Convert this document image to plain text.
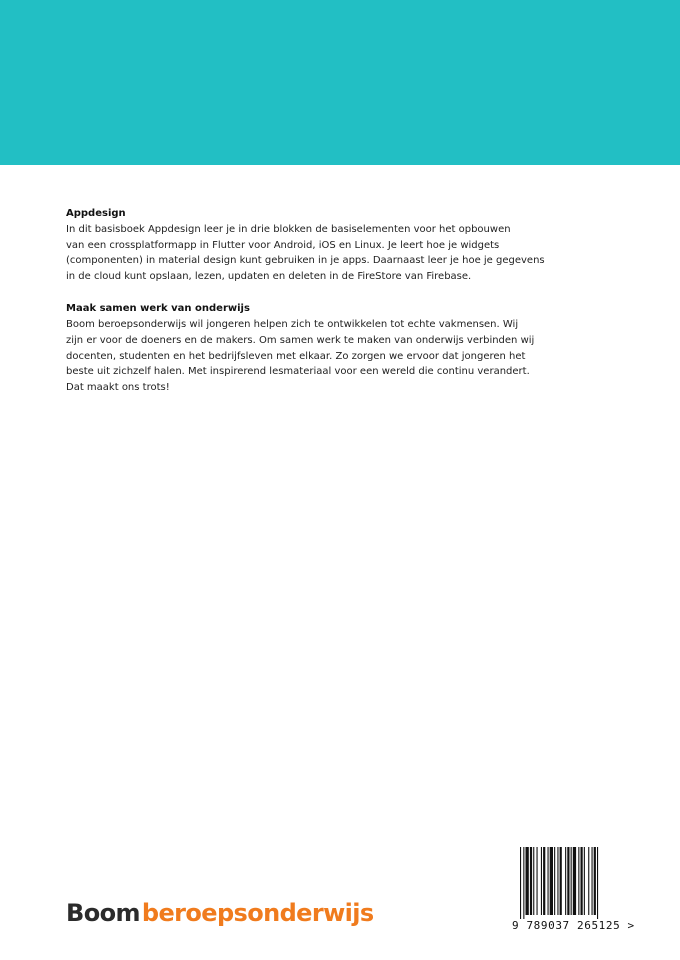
Appdesign

In dit basisboek Appdesign leer je in drie blokken de basiselementen voor het opbouwen
van een crossplatformapp in Flutter voor Android, iOS en Linux. Je leert hoe je widgets
(componenten) in material design kunt gebruiken in je apps. Daarnaast leer je hoe je gegevens
in de cloud kunt opslaan, lezen, updaten en deleten in de FireStore van Firebase.

Maak samen werk van onderwijs

Boom beroepsonderwijs wil jongeren helpen zich te ontwikkelen tot echte vakmensen. Wij
zijn er voor de doeners en de makers. Om samen werk te maken van onderwijs verbinden wij
docenten, studenten en het bedrijfsleven met elkaar. Zo zorgen we ervoor dat jongeren het
beste uit zichzelf halen. Met inspirerend lesmateriaal voor een wereld die continu verandert.
Dat maakt ons trots!

Boomberoepsonderwijs	9 789037 265125 >
